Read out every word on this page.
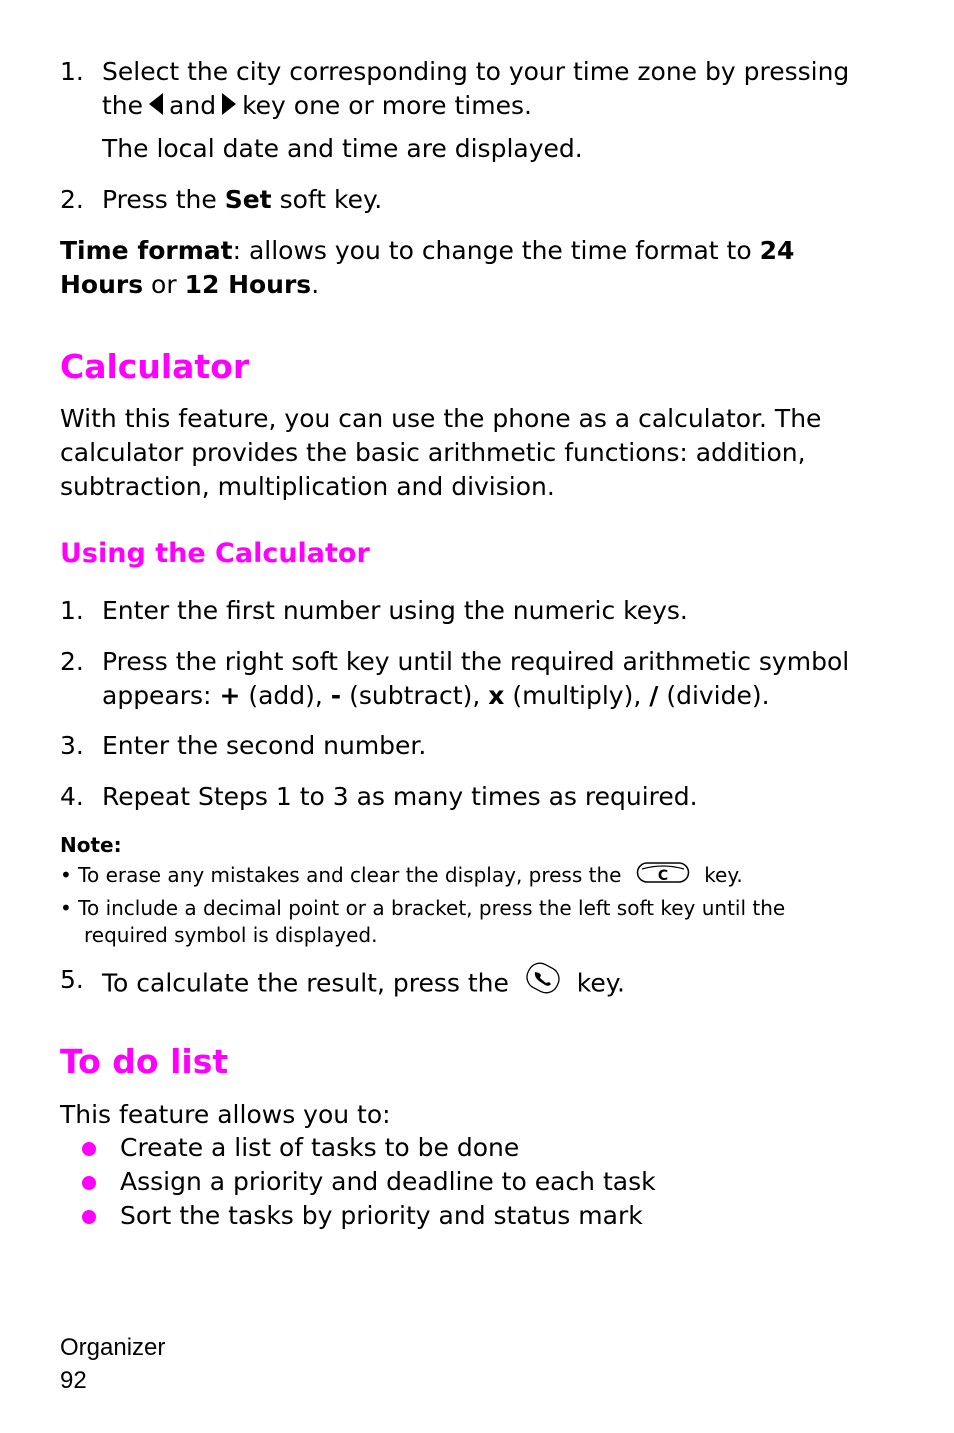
1. Select the city corresponding to your time zone by pressing
the and key one or more times.
The local date and time are displayed.
2. Press the Set soft key.
Time format: allows you to change the time format to 24
Hours or 12 Hours.
Calculator
With this feature, you can use the phone as a calculator. The
calculator provides the basic arithmetic functions: addition,
subtraction, multiplication and division.
Using the Calculator
1. Enter the first number using the numeric keys.
2. Press the right soft key until the required arithmetic symbol
appears: + (add), - (subtract), x (multiply), / (divide).
3. Enter the second number.
4. Repeat Steps 1 to 3 as many times as required.
Note:
• To erase any mistakes and clear the display, press the	C key.
• To include a decimal point or a bracket, press the left soft key until the
required symbol is displayed.
5. To calculate the result, press the	key.
To do list
This feature allows you to:
Create a list of tasks to be done
Assign a priority and deadline to each task
Sort the tasks by priority and status mark
Organizer
92
